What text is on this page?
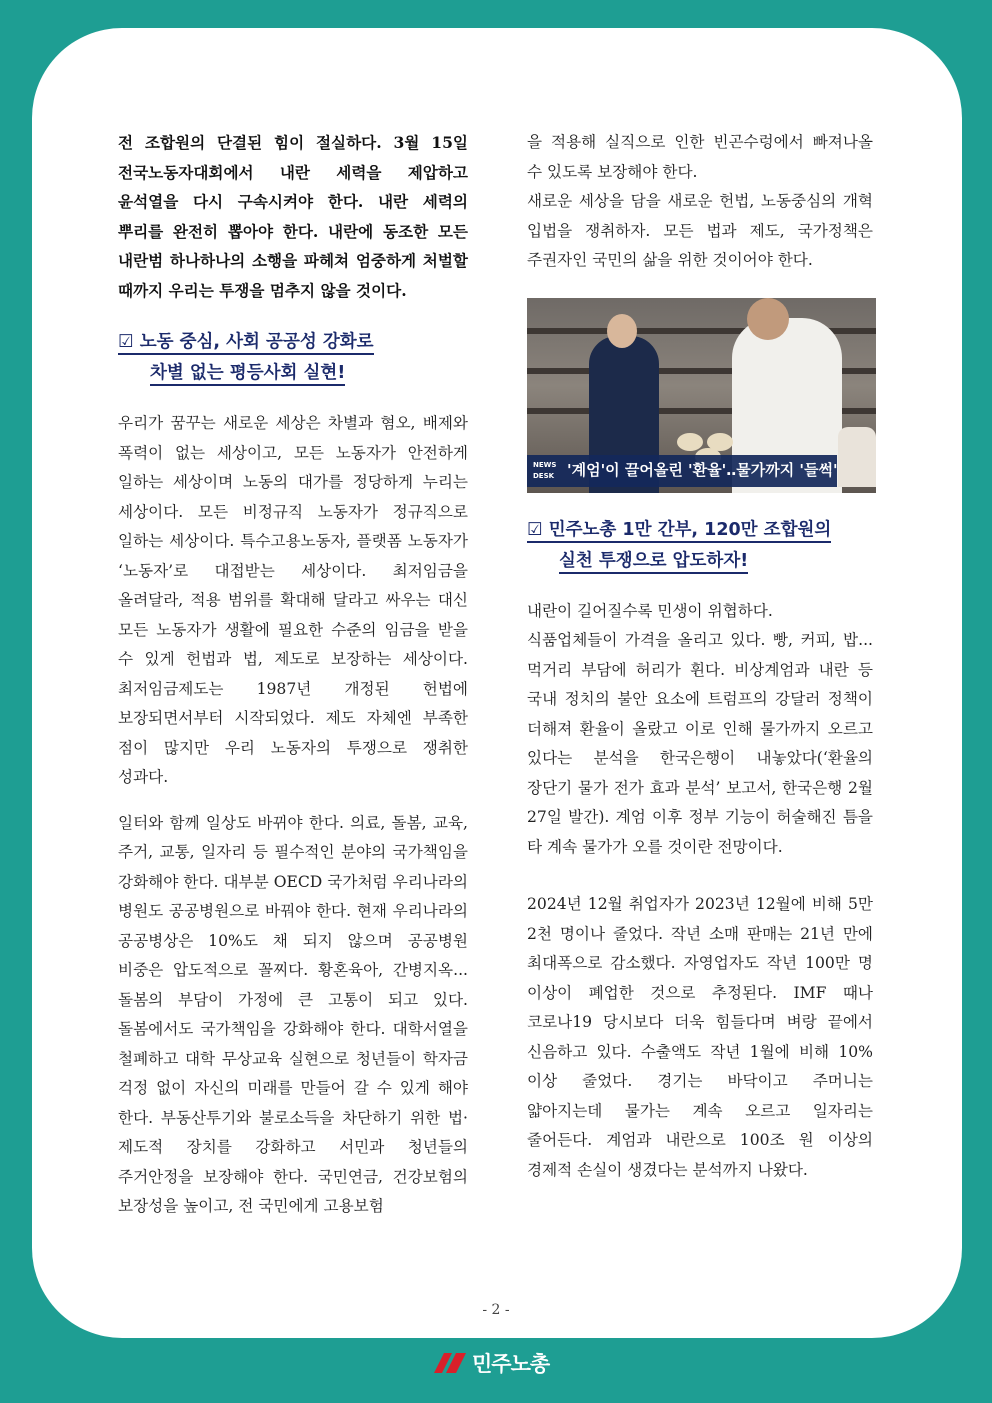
전 조합원의 단결된 힘이 절실하다. 3월 15일 전국노동자대회에서 내란 세력을 제압하고 윤석열을 다시 구속시켜야 한다. 내란 세력의 뿌리를 완전히 뽑아야 한다. 내란에 동조한 모든 내란범 하나하나의 소행을 파헤쳐 엄중하게 처벌할 때까지 우리는 투쟁을 멈추지 않을 것이다.

☑ 노동 중심, 사회 공공성 강화로
차별 없는 평등사회 실현!

우리가 꿈꾸는 새로운 세상은 차별과 혐오, 배제와 폭력이 없는 세상이고, 모든 노동자가 안전하게 일하는 세상이며 노동의 대가를 정당하게 누리는 세상이다. 모든 비정규직 노동자가 정규직으로 일하는 세상이다. 특수고용노동자, 플랫폼 노동자가 ‘노동자’로 대접받는 세상이다. 최저임금을 올려달라, 적용 범위를 확대해 달라고 싸우는 대신 모든 노동자가 생활에 필요한 수준의 임금을 받을 수 있게 헌법과 법, 제도로 보장하는 세상이다. 최저임금제도는 1987년 개정된 헌법에 보장되면서부터 시작되었다. 제도 자체엔 부족한 점이 많지만 우리 노동자의 투쟁으로 쟁취한 성과다.

일터와 함께 일상도 바뀌야 한다. 의료, 돌봄, 교육, 주거, 교통, 일자리 등 필수적인 분야의 국가책임을 강화해야 한다. 대부분 OECD 국가처럼 우리나라의 병원도 공공병원으로 바꿔야 한다. 현재 우리나라의 공공병상은 10%도 채 되지 않으며 공공병원 비중은 압도적으로 꼴찌다. 황혼육아, 간병지옥... 돌봄의 부담이 가정에 큰 고통이 되고 있다. 돌봄에서도 국가책임을 강화해야 한다. 대학서열을 철폐하고 대학 무상교육 실현으로 청년들이 학자금 걱정 없이 자신의 미래를 만들어 갈 수 있게 해야 한다. 부동산투기와 불로소득을 차단하기 위한 법·제도적 장치를 강화하고 서민과 청년들의 주거안정을 보장해야 한다. 국민연금, 건강보험의 보장성을 높이고, 전 국민에게 고용보험

을 적용해 실직으로 인한 빈곤수렁에서 빠져나올 수 있도록 보장해야 한다.

새로운 세상을 담을 새로운 헌법, 노동중심의 개혁 입법을 쟁취하자. 모든 법과 제도, 국가정책은 주권자인 국민의 삶을 위한 것이어야 한다.

NEWS DESK '계엄'이 끌어올린 '환율'‥물가까지 '들썩'
☑ 민주노총 1만 간부, 120만 조합원의
실천 투쟁으로 압도하자!

내란이 길어질수록 민생이 위협하다.

식품업체들이 가격을 올리고 있다. 빵, 커피, 밥... 먹거리 부담에 허리가 휜다. 비상계엄과 내란 등 국내 정치의 불안 요소에 트럼프의 강달러 정책이 더해져 환율이 올랐고 이로 인해 물가까지 오르고 있다는 분석을 한국은행이 내놓았다(‘환율의 장단기 물가 전가 효과 분석’ 보고서, 한국은행 2월 27일 발간). 계엄 이후 정부 기능이 허술해진 틈을 타 계속 물가가 오를 것이란 전망이다.

2024년 12월 취업자가 2023년 12월에 비해 5만 2천 명이나 줄었다. 작년 소매 판매는 21년 만에 최대폭으로 감소했다. 자영업자도 작년 100만 명 이상이 폐업한 것으로 추정된다. IMF 때나 코로나19 당시보다 더욱 힘들다며 벼랑 끝에서 신음하고 있다. 수출액도 작년 1월에 비해 10% 이상 줄었다. 경기는 바닥이고 주머니는 얇아지는데 물가는 계속 오르고 일자리는 줄어든다. 계엄과 내란으로 100조 원 이상의 경제적 손실이 생겼다는 분석까지 나왔다.

- 2 -
민주노총
